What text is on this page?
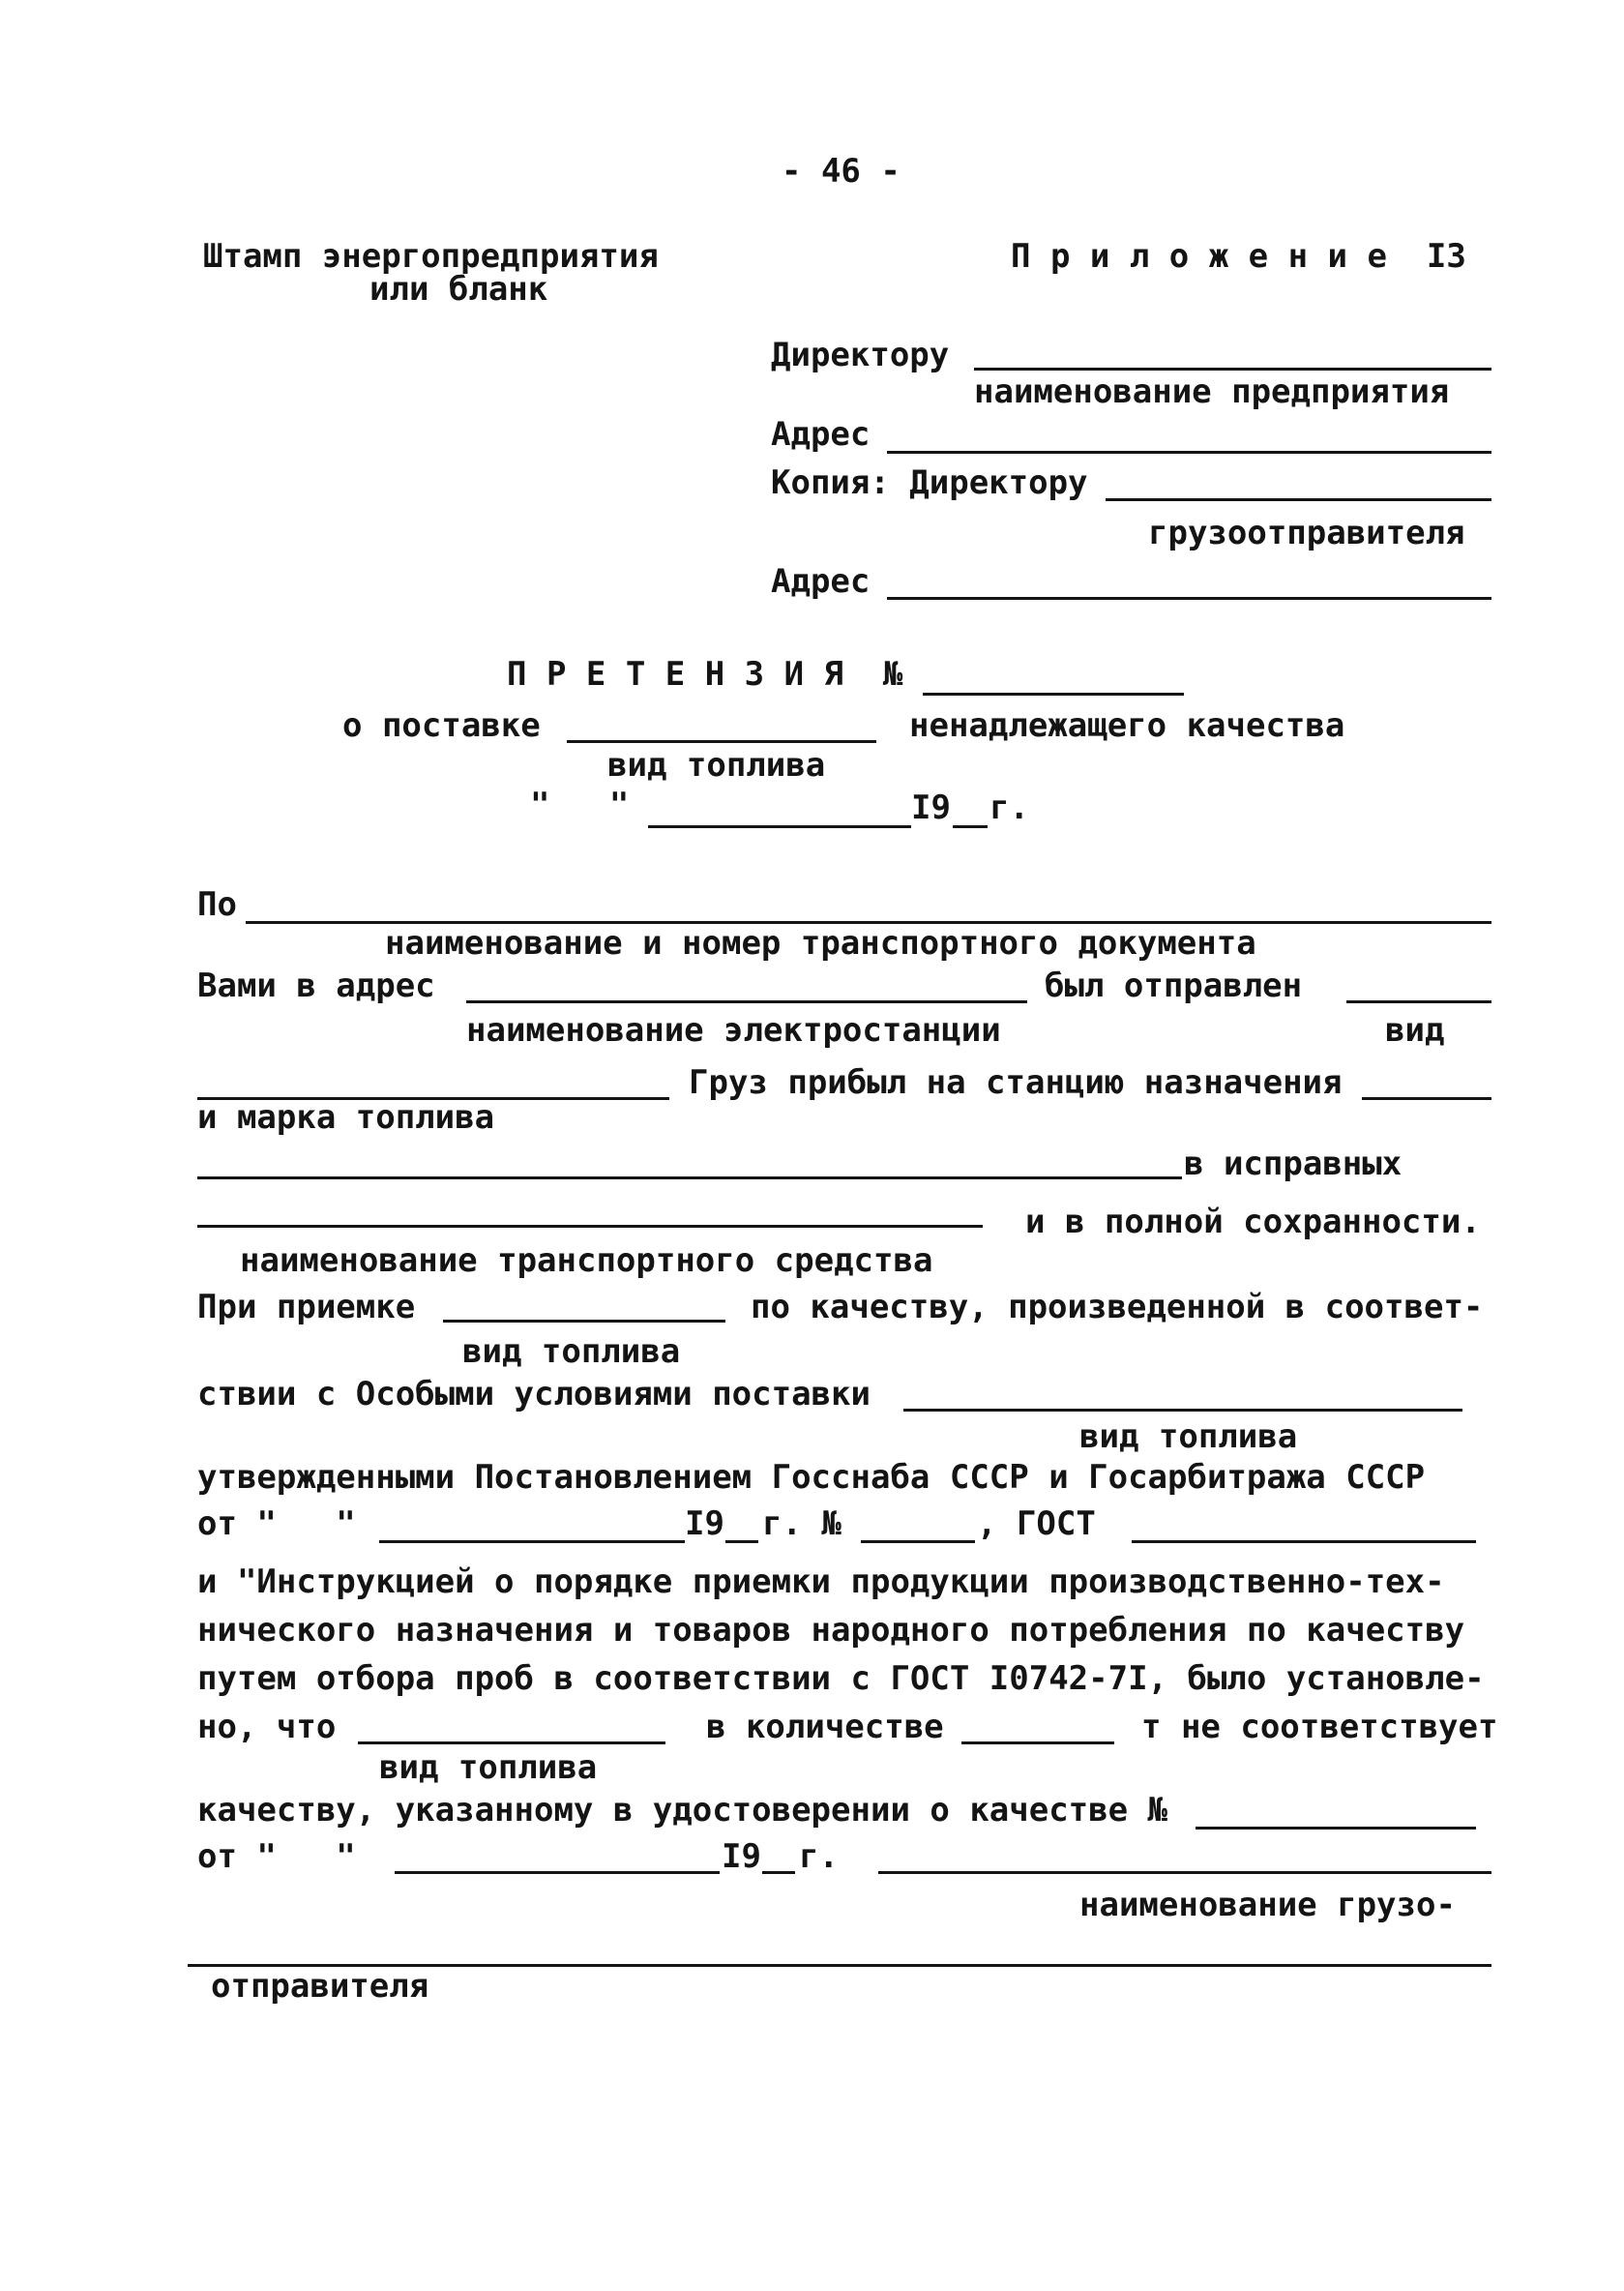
- 46 -
Штамп энергопредприятия
или бланк
П р и л о ж е н и е  I3
Директору
наименование предприятия
Адрес
Копия: Директору
грузоотправителя
Адрес
П Р Е Т Е Н З И Я  №
о поставке	ненадлежащего качества
вид топлива
"   "	I9 г.
По
наименование и номер транспортного документа
Вами в адрес	был отправлен
наименование электростанции	вид
Груз прибыл на станцию назначения
и марка топлива
в исправных
и в полной сохранности.
наименование транспортного средства
При приемке	по качеству, произведенной в соответ-
вид топлива
ствии с Особыми условиями поставки
вид топлива
утвержденными Постановлением Госснаба СССР и Госарбитража СССР
от "   "	I9 г. №	, ГОСТ
и "Инструкцией о порядке приемки продукции производственно-тех-
нического назначения и товаров народного потребления по качеству
путем отбора проб в соответствии с ГОСТ I0742-7I, было установле-
но, что	в количестве	т не соответствует
вид топлива
качеству, указанному в удостоверении о качестве №
от "   "	I9 г.
наименование грузо-
отправителя
